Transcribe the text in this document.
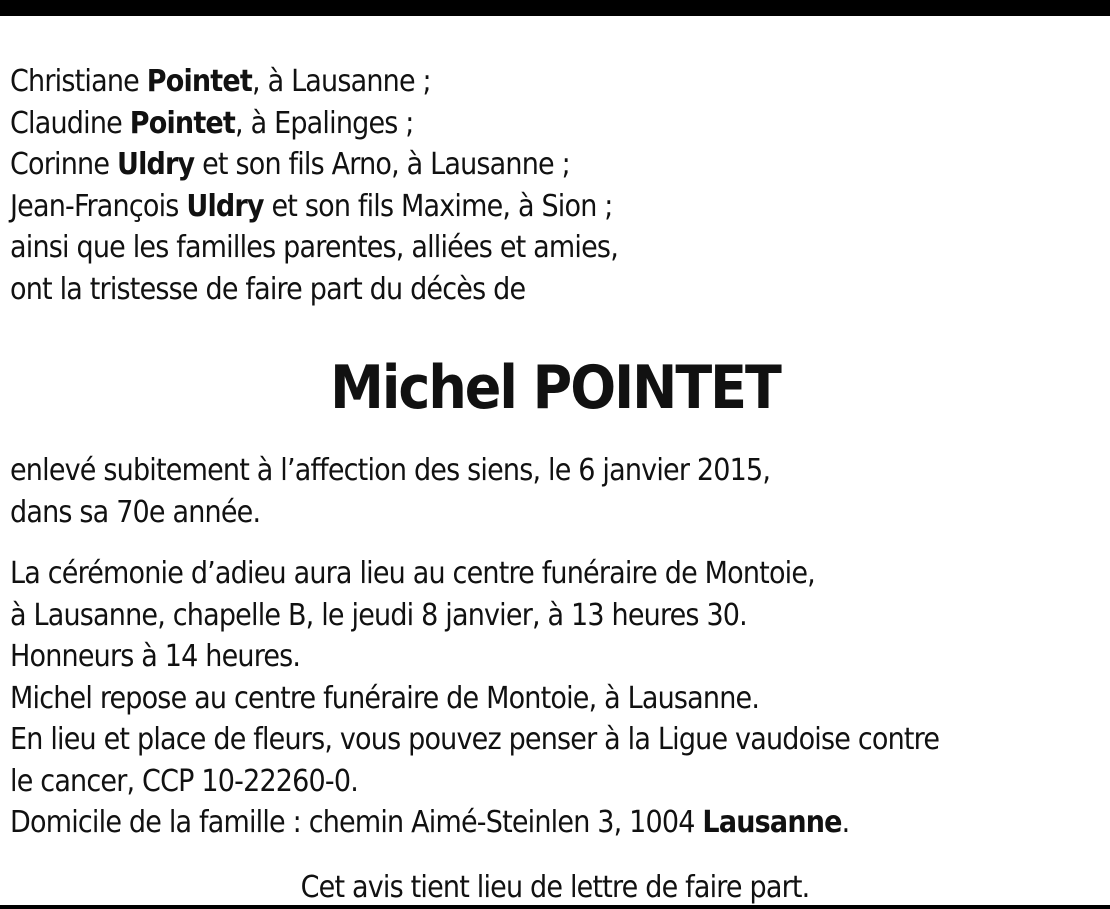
Christiane Pointet, à Lausanne ;
Claudine Pointet, à Epalinges ;
Corinne Uldry et son fils Arno, à Lausanne ;
Jean-François Uldry et son fils Maxime, à Sion ;
ainsi que les familles parentes, alliées et amies,
ont la tristesse de faire part du décès de
Michel POINTET
enlevé subitement à l’affection des siens, le 6 janvier 2015,
dans sa 70e année.
La cérémonie d’adieu aura lieu au centre funéraire de Montoie,
à Lausanne, chapelle B, le jeudi 8 janvier, à 13 heures 30.
Honneurs à 14 heures.
Michel repose au centre funéraire de Montoie, à Lausanne.
En lieu et place de fleurs, vous pouvez penser à la Ligue vaudoise contre
le cancer, CCP 10-22260-0.
Domicile de la famille : chemin Aimé-Steinlen 3, 1004 Lausanne.
Cet avis tient lieu de lettre de faire part.
